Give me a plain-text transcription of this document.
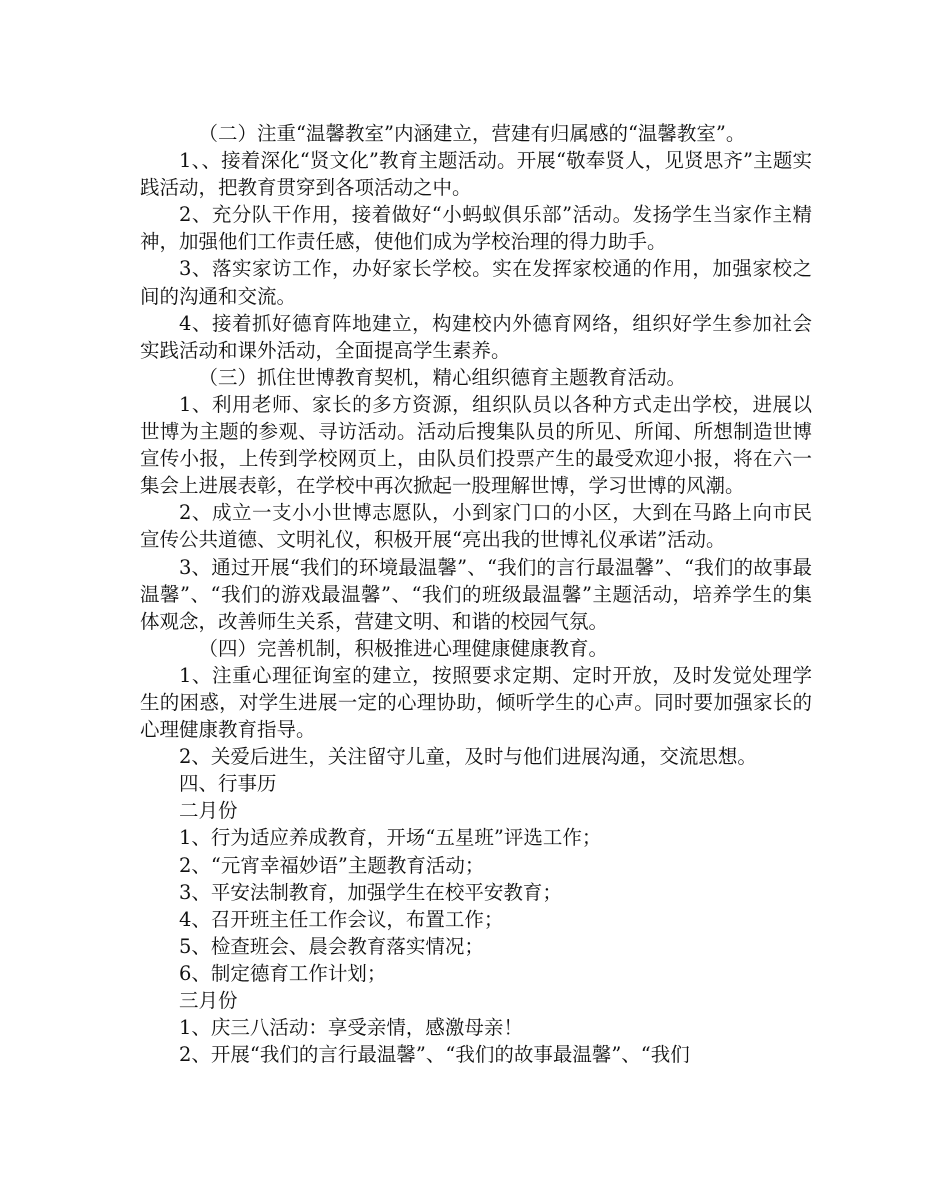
（二）注重“温馨教室”内涵建立，营建有归属感的“温馨教室”。

1、、接着深化“贤文化”教育主题活动。开展“敬奉贤人，见贤思齐”主题实践活动，把教育贯穿到各项活动之中。

2、充分队干作用，接着做好“小蚂蚁俱乐部”活动。发扬学生当家作主精神，加强他们工作责任感，使他们成为学校治理的得力助手。

3、落实家访工作，办好家长学校。实在发挥家校通的作用，加强家校之间的沟通和交流。

4、接着抓好德育阵地建立，构建校内外德育网络，组织好学生参加社会实践活动和课外活动，全面提高学生素养。

（三）抓住世博教育契机，精心组织德育主题教育活动。

1、利用老师、家长的多方资源，组织队员以各种方式走出学校，进展以世博为主题的参观、寻访活动。活动后搜集队员的所见、所闻、所想制造世博宣传小报，上传到学校网页上，由队员们投票产生的最受欢迎小报，将在六一集会上进展表彰，在学校中再次掀起一股理解世博，学习世博的风潮。

2、成立一支小小世博志愿队，小到家门口的小区，大到在马路上向市民宣传公共道德、文明礼仪，积极开展“亮出我的世博礼仪承诺”活动。

3、通过开展“我们的环境最温馨”、“我们的言行最温馨”、“我们的故事最温馨”、“我们的游戏最温馨”、“我们的班级最温馨”主题活动，培养学生的集体观念，改善师生关系，营建文明、和谐的校园气氛。

（四）完善机制，积极推进心理健康健康教育。

1、注重心理征询室的建立，按照要求定期、定时开放，及时发觉处理学生的困惑，对学生进展一定的心理协助，倾听学生的心声。同时要加强家长的心理健康教育指导。

2、关爱后进生，关注留守儿童，及时与他们进展沟通，交流思想。

四、行事历

二月份

1、行为适应养成教育，开场“五星班”评选工作；

2、“元宵幸福妙语”主题教育活动；

3、平安法制教育，加强学生在校平安教育；

4、召开班主任工作会议，布置工作；

5、检查班会、晨会教育落实情况；

6、制定德育工作计划；

三月份

1、庆三八活动：享受亲情，感激母亲！

2、开展“我们的言行最温馨”、“我们的故事最温馨”、“我们
